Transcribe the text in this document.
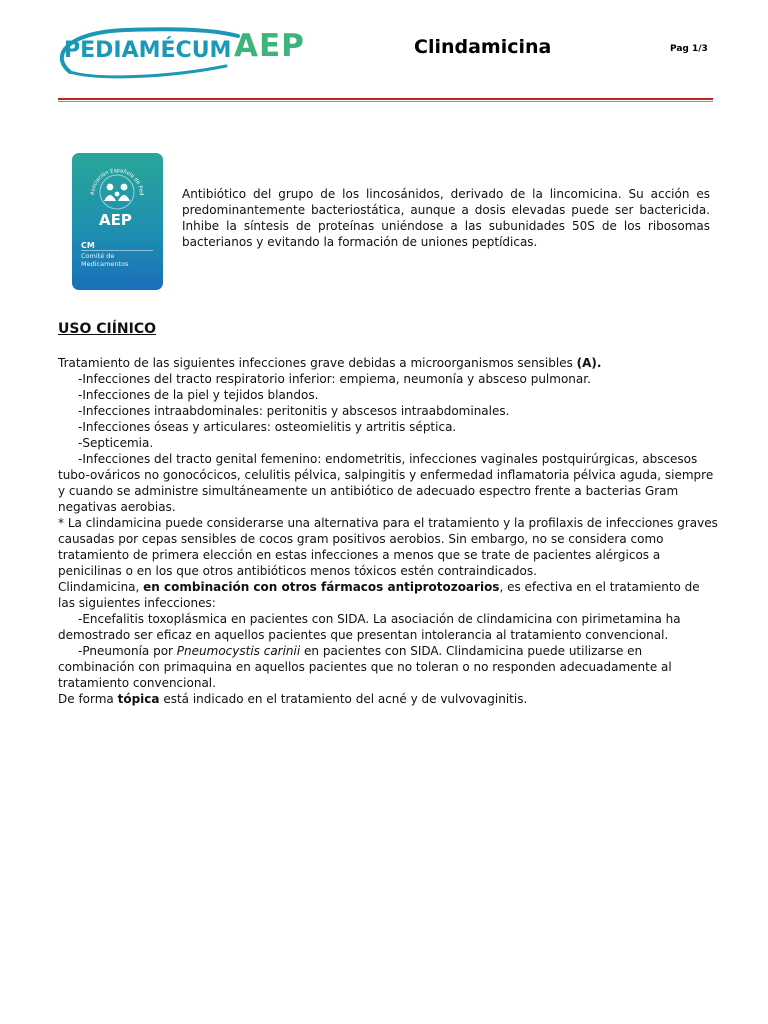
PEDIAMÉCUM AEP	Clindamicina	Pag 1/3
Asociación Española de Ped
AEP
CM
Comité de
Medicamentos

Antibiótico del grupo de los lincosánidos, derivado de la lincomicina. Su acción es predominantemente bacteriostática, aunque a dosis elevadas puede ser bactericida. Inhibe la síntesis de proteínas uniéndose a las subunidades 50S de los ribosomas bacterianos y evitando la formación de uniones peptídicas.

USO CIÍNICO

Tratamiento de las siguientes infecciones grave debidas a microorganismos sensibles (A).

-Infecciones del tracto respiratorio inferior: empiema, neumonía y absceso pulmonar.

-Infecciones de la piel y tejidos blandos.

-Infecciones intraabdominales: peritonitis y abscesos intraabdominales.

-Infecciones óseas y articulares: osteomielitis y artritis séptica.

-Septicemia.

-Infecciones del tracto genital femenino: endometritis, infecciones vaginales postquirúrgicas, abscesos tubo-ováricos no gonocócicos, celulitis pélvica, salpingitis y enfermedad inflamatoria pélvica aguda, siempre y cuando se administre simultáneamente un antibiótico de adecuado espectro frente a bacterias Gram negativas aerobias.

* La clindamicina puede considerarse una alternativa para el tratamiento y la profilaxis de infecciones graves causadas por cepas sensibles de cocos gram positivos aerobios. Sin embargo, no se considera como tratamiento de primera elección en estas infecciones a menos que se trate de pacientes alérgicos a penicilinas o en los que otros antibióticos menos tóxicos estén contraindicados.

Clindamicina, en combinación con otros fármacos antiprotozoarios, es efectiva en el tratamiento de las siguientes infecciones:

-Encefalitis toxoplásmica en pacientes con SIDA. La asociación de clindamicina con pirimetamina ha demostrado ser eficaz en aquellos pacientes que presentan intolerancia al tratamiento convencional.

-Pneumonía por Pneumocystis carinii en pacientes con SIDA. Clindamicina puede utilizarse en combinación con primaquina en aquellos pacientes que no toleran o no responden adecuadamente al tratamiento convencional.

De forma tópica está indicado en el tratamiento del acné y de vulvovaginitis.
